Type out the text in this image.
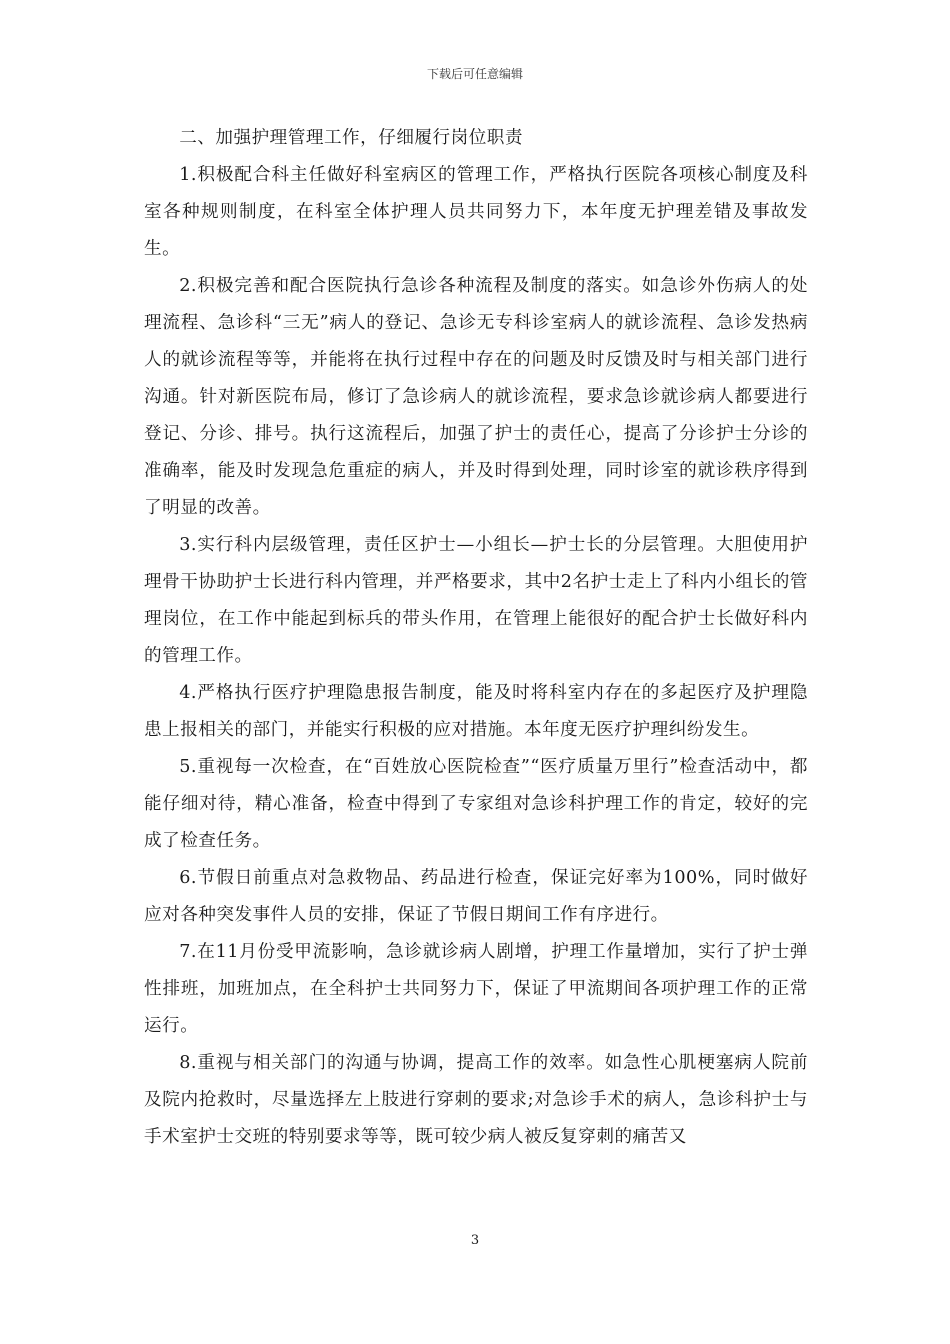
下载后可任意编辑

二、加强护理管理工作，仔细履行岗位职责

1.积极配合科主任做好科室病区的管理工作，严格执行医院各项核心制度及科室各种规则制度，在科室全体护理人员共同努力下，本年度无护理差错及事故发生。

2.积极完善和配合医院执行急诊各种流程及制度的落实。如急诊外伤病人的处理流程、急诊科“三无”病人的登记、急诊无专科诊室病人的就诊流程、急诊发热病人的就诊流程等等，并能将在执行过程中存在的问题及时反馈及时与相关部门进行沟通。针对新医院布局，修订了急诊病人的就诊流程，要求急诊就诊病人都要进行登记、分诊、排号。执行这流程后，加强了护士的责任心，提高了分诊护士分诊的准确率，能及时发现急危重症的病人，并及时得到处理，同时诊室的就诊秩序得到了明显的改善。

3.实行科内层级管理，责任区护士—小组长—护士长的分层管理。大胆使用护理骨干协助护士长进行科内管理，并严格要求，其中2名护士走上了科内小组长的管理岗位，在工作中能起到标兵的带头作用，在管理上能很好的配合护士长做好科内的管理工作。

4.严格执行医疗护理隐患报告制度，能及时将科室内存在的多起医疗及护理隐患上报相关的部门，并能实行积极的应对措施。本年度无医疗护理纠纷发生。

5.重视每一次检查，在“百姓放心医院检查”“医疗质量万里行”检查活动中，都能仔细对待，精心准备，检查中得到了专家组对急诊科护理工作的肯定，较好的完成了检查任务。

6.节假日前重点对急救物品、药品进行检查，保证完好率为100%，同时做好应对各种突发事件人员的安排，保证了节假日期间工作有序进行。

7.在11月份受甲流影响，急诊就诊病人剧增，护理工作量增加，实行了护士弹性排班，加班加点，在全科护士共同努力下，保证了甲流期间各项护理工作的正常运行。

8.重视与相关部门的沟通与协调，提高工作的效率。如急性心肌梗塞病人院前及院内抢救时，尽量选择左上肢进行穿刺的要求;对急诊手术的病人，急诊科护士与手术室护士交班的特别要求等等，既可较少病人被反复穿刺的痛苦又

3
